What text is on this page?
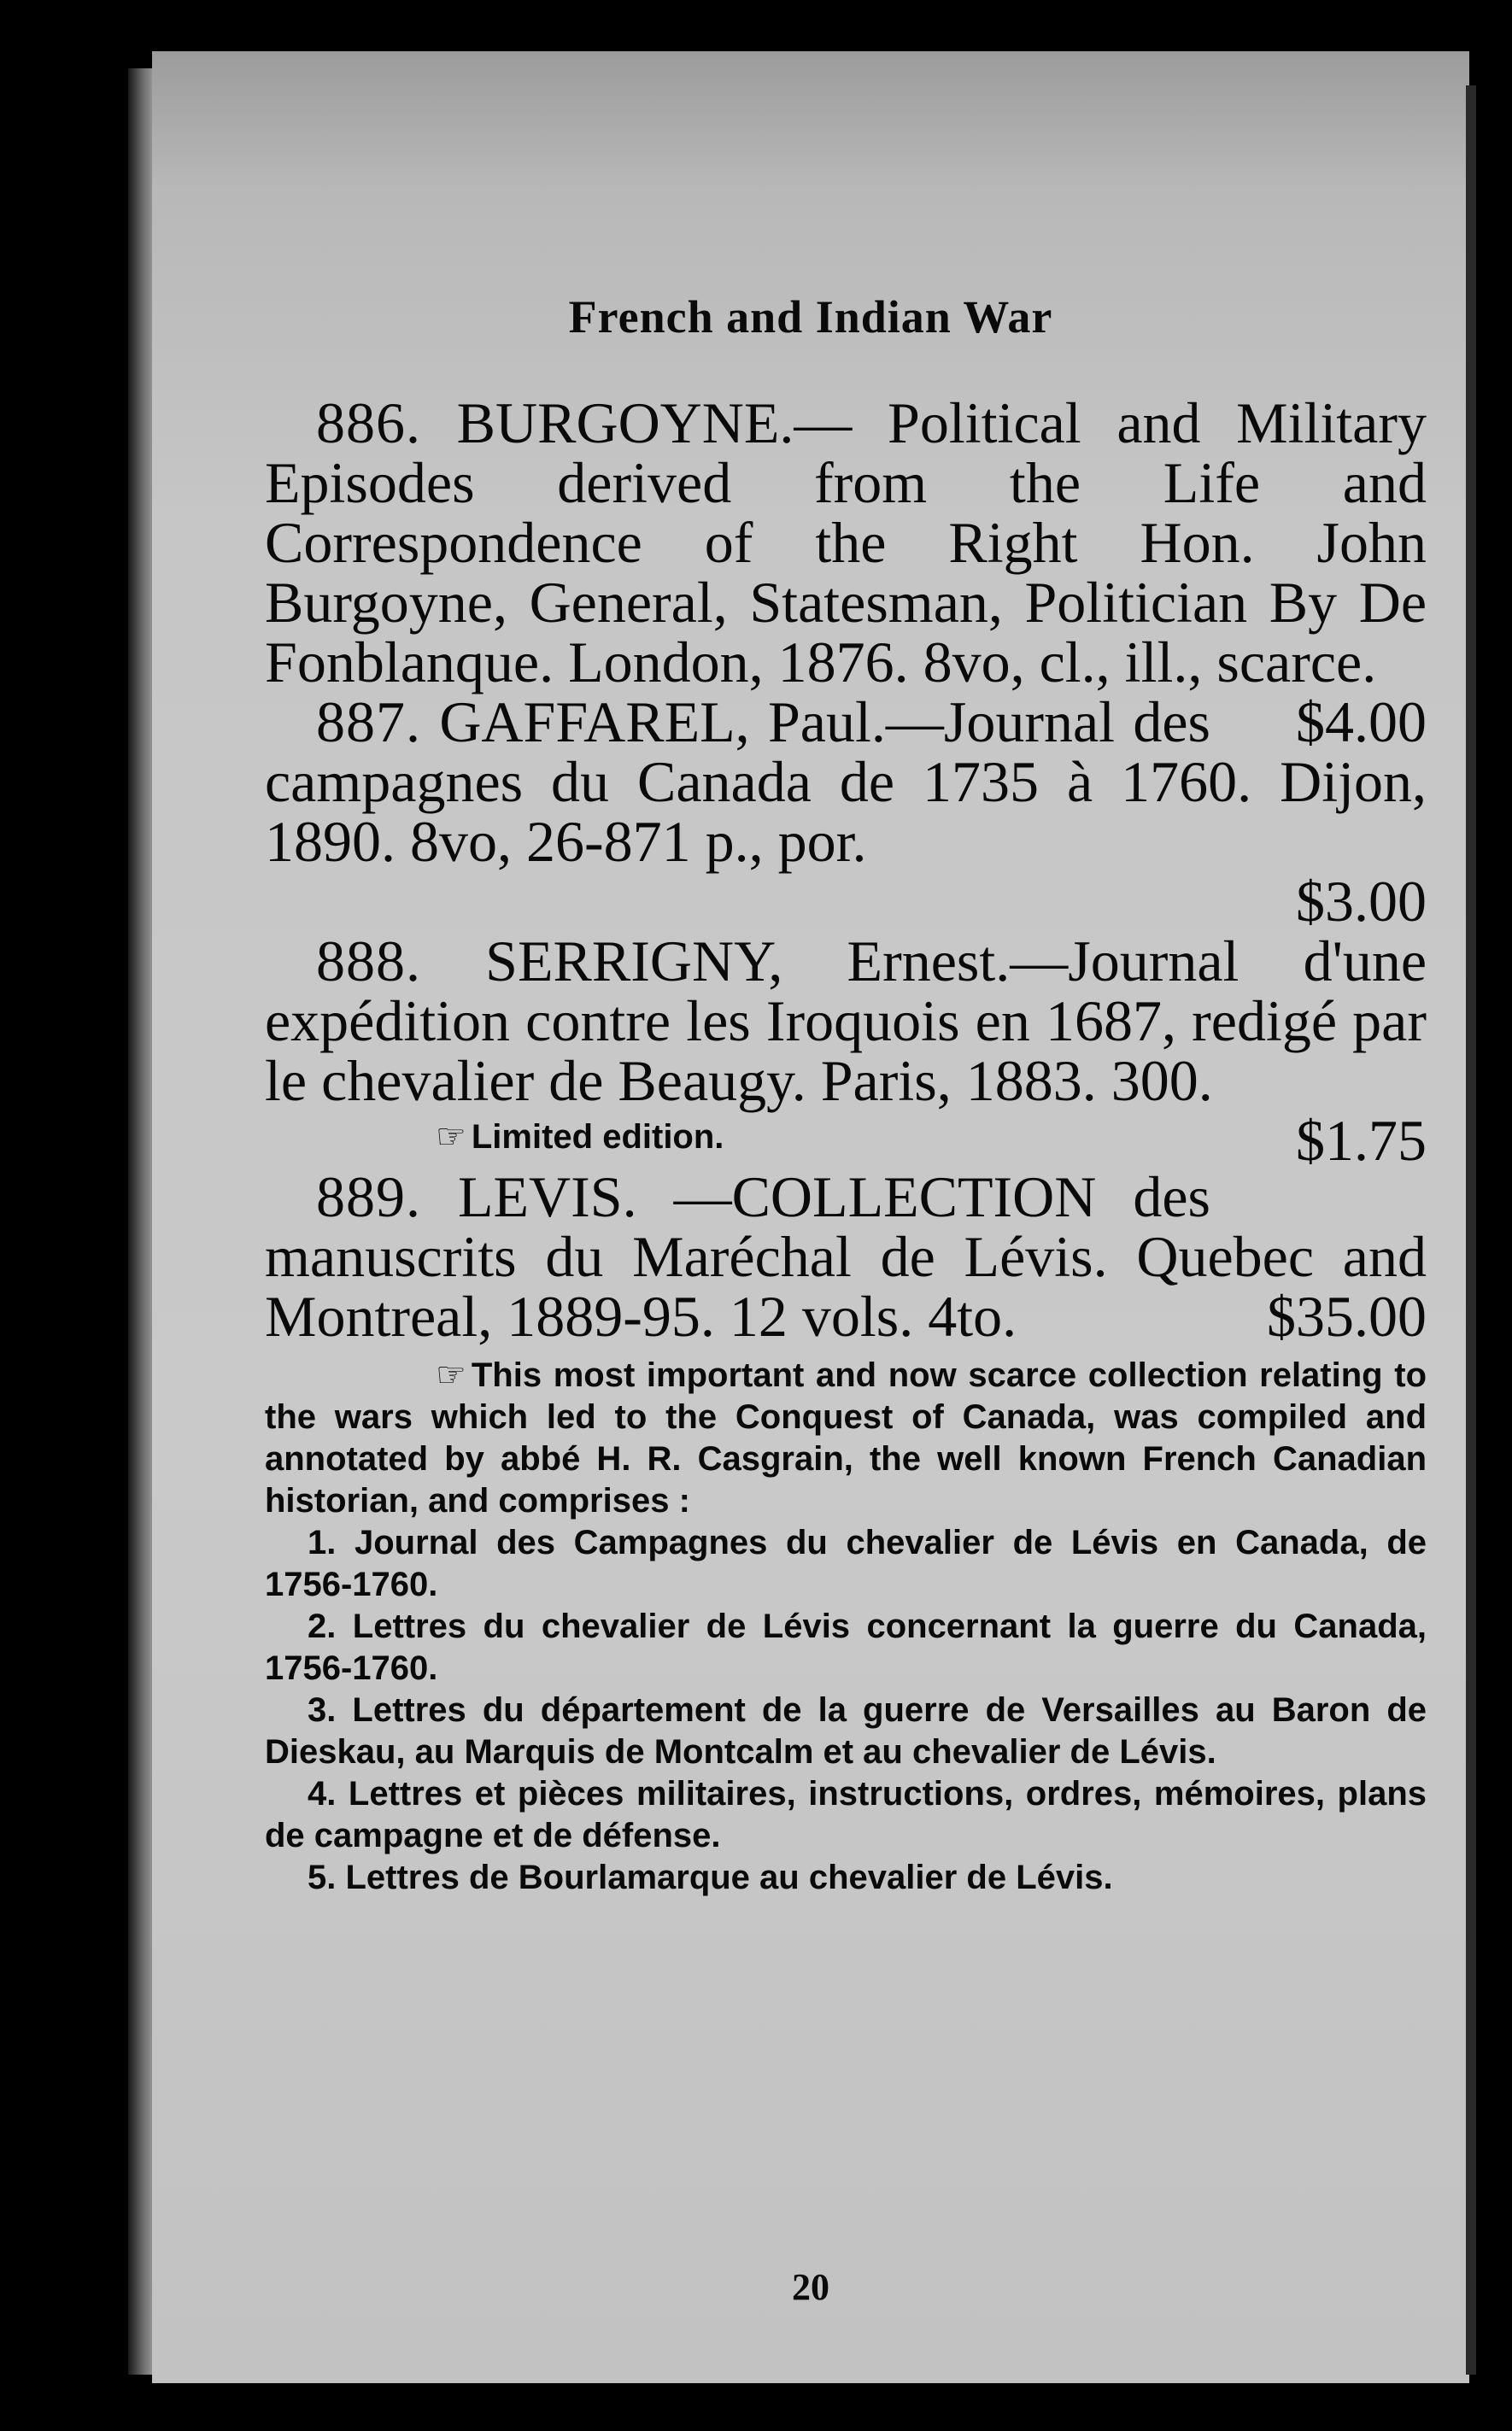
French and Indian War

886. BURGOYNE.— Political and Military Episodes derived from the Life and Correspondence of the Right Hon. John Burgoyne, General, Statesman, Politician By De Fonblanque. London, 1876. 8vo, cl., ill., scarce.
$4.00

887. GAFFAREL, Paul.—Journal des campagnes du Canada de 1735 à 1760. Dijon, 1890. 8vo, 26-871 p., por.

$3.00

888. SERRIGNY, Ernest.—Journal d'une expédition contre les Iroquois en 1687, redigé par le chevalier de Beaugy. Paris, 1883. 300.
$1.75

☞ Limited edition.

889. LEVIS. —COLLECTION des manuscrits du Maréchal de Lévis. Quebec and Montreal, 1889-95. 12 vols. 4to.	$35.00

☞ This most important and now scarce collection relating to the wars which led to the Conquest of Canada, was compiled and annotated by abbé H. R. Casgrain, the well known French Canadian historian, and comprises :

1. Journal des Campagnes du chevalier de Lévis en Canada, de 1756-1760.

2. Lettres du chevalier de Lévis concernant la guerre du Canada, 1756-1760.

3. Lettres du département de la guerre de Versailles au Baron de Dieskau, au Marquis de Montcalm et au chevalier de Lévis.

4. Lettres et pièces militaires, instructions, ordres, mémoires, plans de campagne et de défense.

5. Lettres de Bourlamarque au chevalier de Lévis.

20
